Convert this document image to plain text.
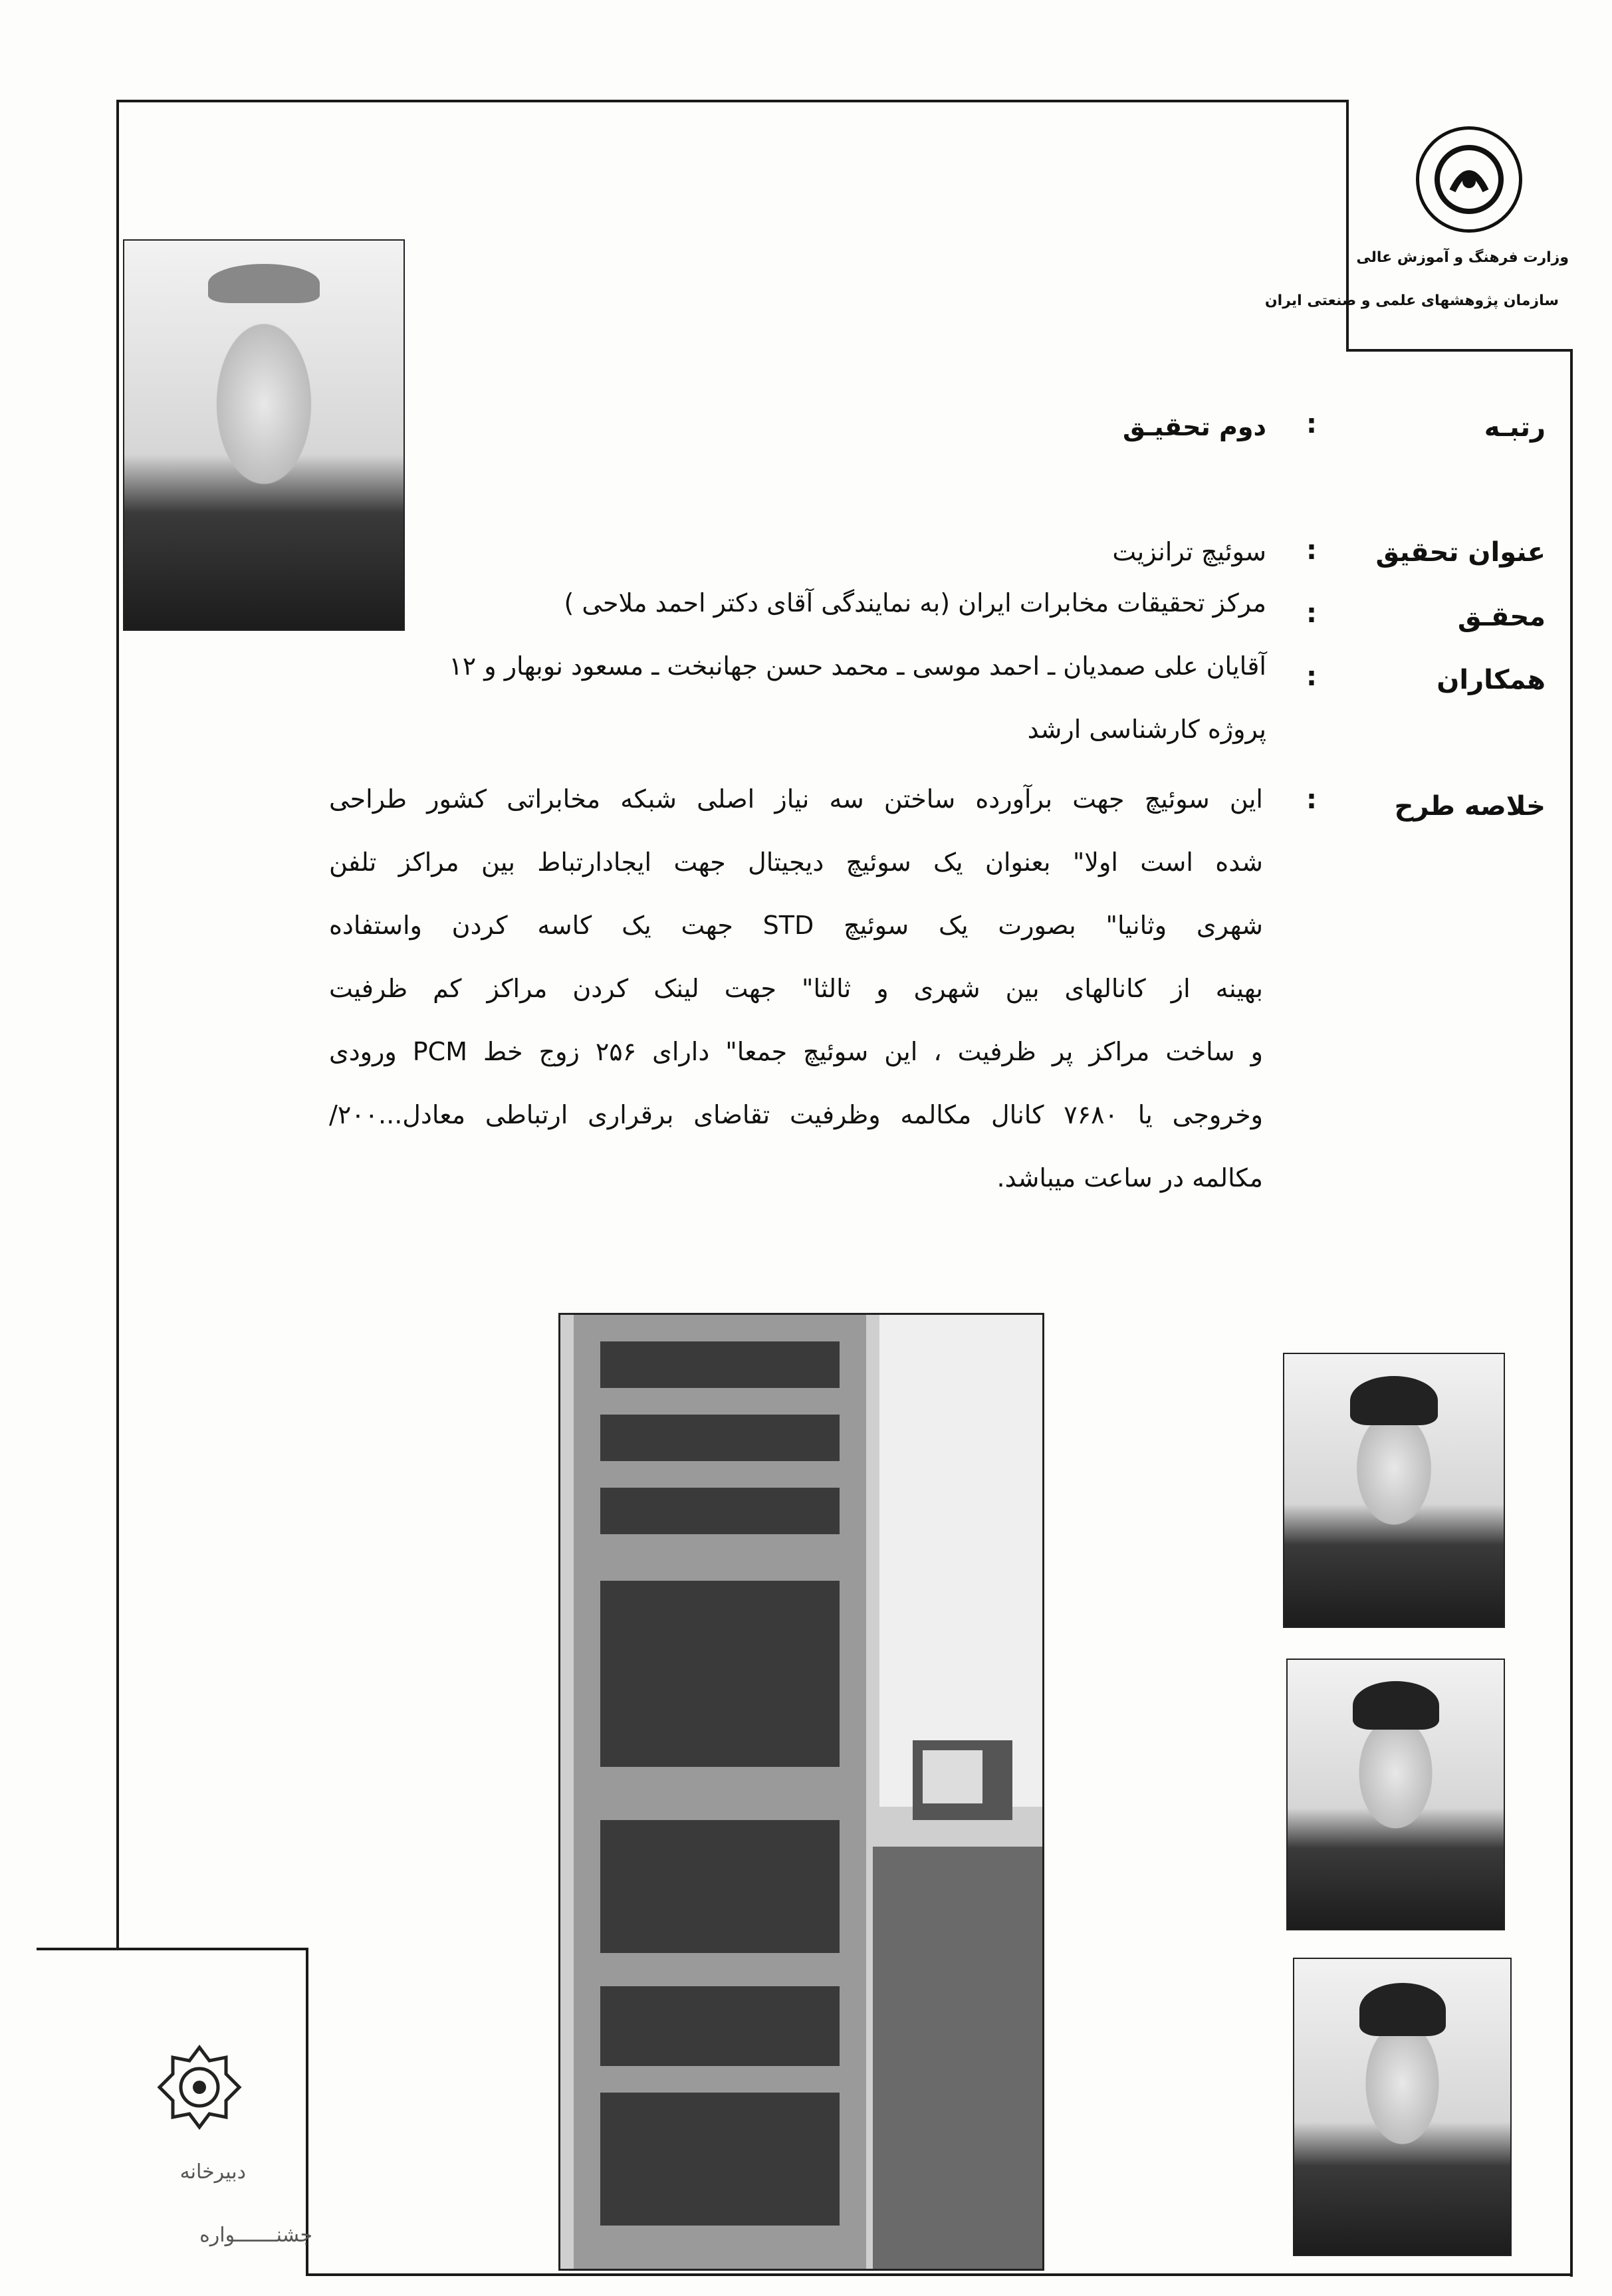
وزارت فرهنگ و آموزش عالی
سازمان پژوهشهای علمی و صنعتی ایران
رتبـه
:
دوم تحقیـق
عنوان تحقیق
:
سوئیچ ترانزیت
محقـق
:
مرکز تحقیقات مخابرات ایران (به نمایندگی آقای دکتر احمد ملاحی )
همکاران
:
آقایان علی صمدیان ـ احمد موسی ـ محمد حسن جهانبخت ـ مسعود نوبهار و ۱۲
پروژه کارشناسی ارشد
خلاصه طرح
:
این سوئیچ جهت برآورده ساختن سه نیاز اصلی شبکه مخابراتی کشور طراحی
شده است اولا" بعنوان یک سوئیچ دیجیتال جهت ایجادارتباط بین مراکز تلفن
شهری وثانیا" بصورت یک سوئیچ STD جهت یک کاسه کردن واستفاده
بهینه از کانالهای بین شهری و ثالثا" جهت لینک کردن مراکز کم ظرفیت
و ساخت مراکز پر ظرفیت ، این سوئیچ جمعا" دارای ۲۵۶ زوج خط PCM ورودی
وخروجی یا ۷۶۸۰ کانال مکالمه وظرفیت تقاضای برقراری ارتباطی معادل...۲۰۰/
مکالمه در ساعت میباشد.
دبیرخانه
جشنـــــــواره
